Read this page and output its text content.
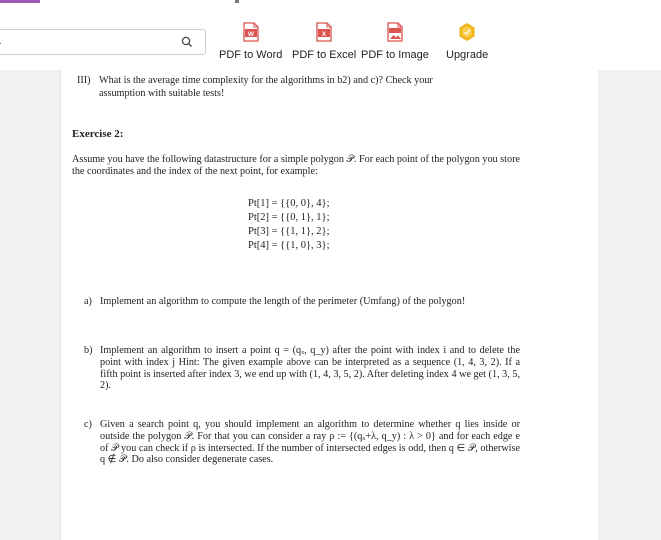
W
PDF to Word
X
PDF to Excel PDF to Image Upgrade
III) What is the average time complexity for the algorithms in b2) and c)? Check your

assumption with suitable tests!

Exercise 2:

Assume you have the following datastructure for a simple polygon 𝒫. For each point of the polygon you store the coordinates and the index of the next point, for example:

Pt[1] = {{0, 0}, 4};
Pt[2] = {{0, 1}, 1};
Pt[3] = {{1, 1}, 2};
Pt[4] = {{1, 0}, 3};
a) Implement an algorithm to compute the length of the perimeter (Umfang) of the polygon!

b) Implement an algorithm to insert a point q = (qₓ, q_y) after the point with index i and to delete the point with index j Hint: The given example above can be interpreted as a sequence (1, 4, 3, 2). If a fifth point is inserted after index 3, we end up with (1, 4, 3, 5, 2). After deleting index 4 we get (1, 3, 5, 2).

c) Given a search point q, you should implement an algorithm to determine whether q lies inside or outside the polygon 𝒫. For that you can consider a ray ρ := {(qₓ+λ, q_y) : λ > 0} and for each edge e of 𝒫 you can check if ρ is intersected. If the number of intersected edges is odd, then q ∈ 𝒫, otherwise q ∉ 𝒫. Do also consider degenerate cases.
